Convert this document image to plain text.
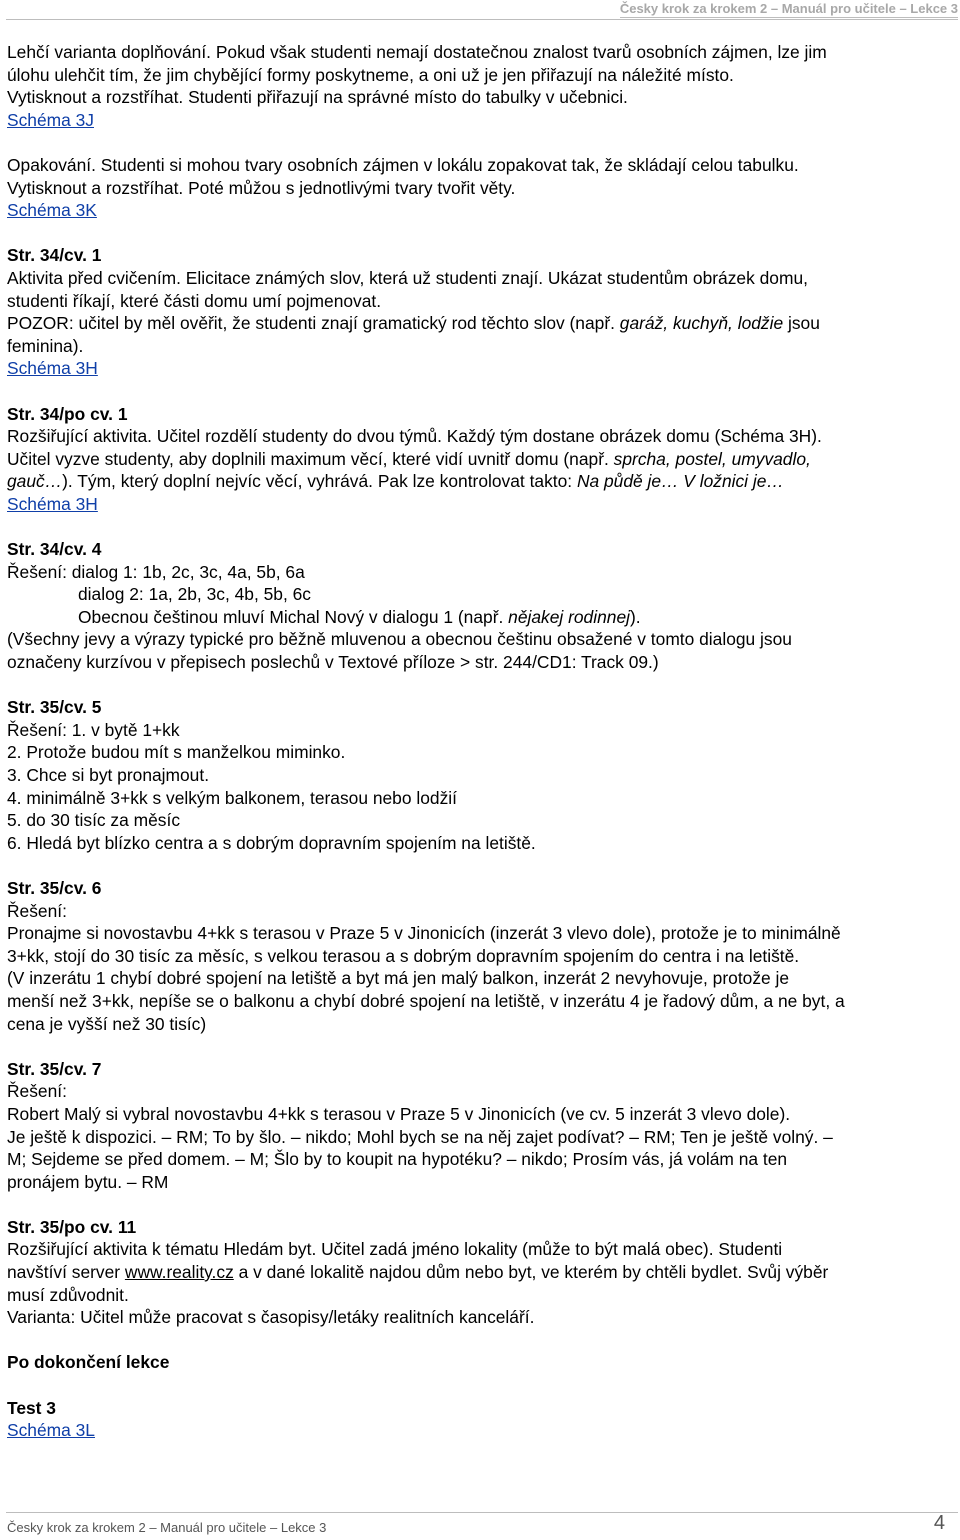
Česky krok za krokem 2 – Manuál pro učitele – Lekce 3

Lehčí varianta doplňování. Pokud však studenti nemají dostatečnou znalost tvarů osobních zájmen, lze jim

úlohu ulehčit tím, že jim chybějící formy poskytneme, a oni už je jen přiřazují na náležité místo.

Vytisknout a rozstříhat. Studenti přiřazují na správné místo do tabulky v učebnici.

Schéma 3J

Opakování. Studenti si mohou tvary osobních zájmen v lokálu zopakovat tak, že skládají celou tabulku.

Vytisknout a rozstříhat. Poté můžou s jednotlivými tvary tvořit věty.

Schéma 3K

Str. 34/cv. 1

Aktivita před cvičením. Elicitace známých slov, která už studenti znají. Ukázat studentům obrázek domu,

studenti říkají, které části domu umí pojmenovat.

POZOR: učitel by měl ověřit, že studenti znají gramatický rod těchto slov (např. garáž, kuchyň, lodžie jsou

feminina).

Schéma 3H

Str. 34/po cv. 1

Rozšiřující aktivita. Učitel rozdělí studenty do dvou týmů. Každý tým dostane obrázek domu (Schéma 3H).

Učitel vyzve studenty, aby doplnili maximum věcí, které vidí uvnitř domu (např. sprcha, postel, umyvadlo,

gauč…). Tým, který doplní nejvíc věcí, vyhrává. Pak lze kontrolovat takto: Na půdě je… V ložnici je…

Schéma 3H

Str. 34/cv. 4

Řešení: dialog 1: 1b, 2c, 3c, 4a, 5b, 6a

dialog 2: 1a, 2b, 3c, 4b, 5b, 6c

Obecnou češtinou mluví Michal Nový v dialogu 1 (např. nějakej rodinnej).

(Všechny jevy a výrazy typické pro běžně mluvenou a obecnou češtinu obsažené v tomto dialogu jsou

označeny kurzívou v přepisech poslechů v Textové příloze > str. 244/CD1: Track 09.)

Str. 35/cv. 5

Řešení: 1. v bytě 1+kk

2. Protože budou mít s manželkou miminko.

3. Chce si byt pronajmout.

4. minimálně 3+kk s velkým balkonem, terasou nebo lodžií

5. do 30 tisíc za měsíc

6. Hledá byt blízko centra a s dobrým dopravním spojením na letiště.

Str. 35/cv. 6

Řešení:

Pronajme si novostavbu 4+kk s terasou v Praze 5 v Jinonicích (inzerát 3 vlevo dole), protože je to minimálně

3+kk, stojí do 30 tisíc za měsíc, s velkou terasou a s dobrým dopravním spojením do centra i na letiště.

(V inzerátu 1 chybí dobré spojení na letiště a byt má jen malý balkon, inzerát 2 nevyhovuje, protože je

menší než 3+kk, nepíše se o balkonu a chybí dobré spojení na letiště, v inzerátu 4 je řadový dům, a ne byt, a

cena je vyšší než 30 tisíc)

Str. 35/cv. 7

Řešení:

Robert Malý si vybral novostavbu 4+kk s terasou v Praze 5 v Jinonicích (ve cv. 5 inzerát 3 vlevo dole).

Je ještě k dispozici. – RM; To by šlo. – nikdo; Mohl bych se na něj zajet podívat? – RM; Ten je ještě volný. –

M; Sejdeme se před domem. – M; Šlo by to koupit na hypotéku? – nikdo; Prosím vás, já volám na ten

pronájem bytu. – RM

Str. 35/po cv. 11

Rozšiřující aktivita k tématu Hledám byt. Učitel zadá jméno lokality (může to být malá obec). Studenti

navštíví server www.reality.cz a v dané lokalitě najdou dům nebo byt, ve kterém by chtěli bydlet. Svůj výběr

musí zdůvodnit.

Varianta: Učitel může pracovat s časopisy/letáky realitních kanceláří.

Po dokončení lekce

Test 3

Schéma 3L

Česky krok za krokem 2 – Manuál pro učitele – Lekce 3	4
